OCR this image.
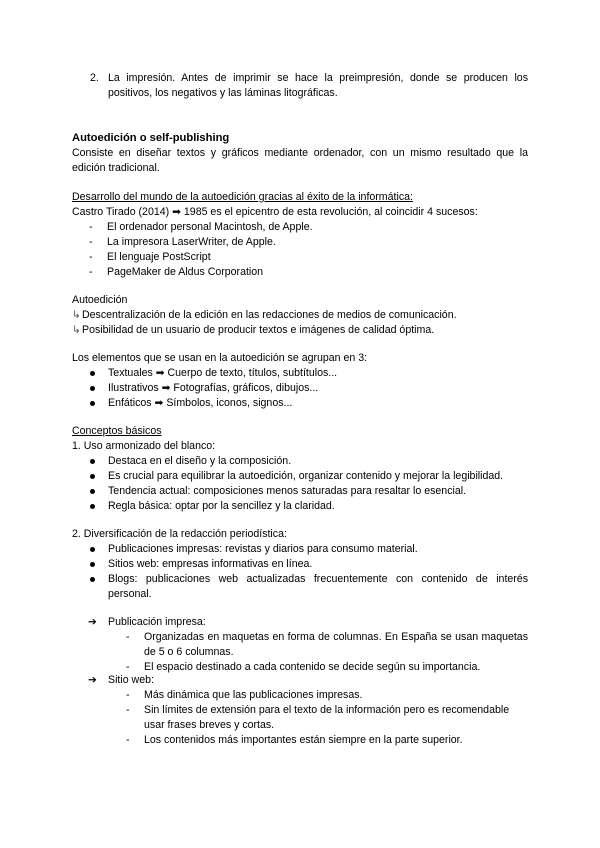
2. La impresión. Antes de imprimir se hace la preimpresión, donde se producen los positivos, los negativos y las láminas litográficas.
Autoedición o self-publishing
Consiste en diseñar textos y gráficos mediante ordenador, con un mismo resultado que la edición tradicional.
Desarrollo del mundo de la autoedición gracias al éxito de la informática:
Castro Tirado (2014) ➡ 1985 es el epicentro de esta revolución, al coincidir 4 sucesos:
- El ordenador personal Macintosh, de Apple.
- La impresora LaserWriter, de Apple.
- El lenguaje PostScript
- PageMaker de Aldus Corporation
Autoedición
↳ Descentralización de la edición en las redacciones de medios de comunicación.
↳ Posibilidad de un usuario de producir textos e imágenes de calidad óptima.
Los elementos que se usan en la autoedición se agrupan en 3:
Textuales ➡ Cuerpo de texto, títulos, subtítulos...
Ilustrativos ➡ Fotografías, gráficos, dibujos...
Enfáticos ➡ Símbolos, iconos, signos...
Conceptos básicos
1. Uso armonizado del blanco:
Destaca en el diseño y la composición.
Es crucial para equilibrar la autoedición, organizar contenido y mejorar la legibilidad.
Tendencia actual: composiciones menos saturadas para resaltar lo esencial.
Regla básica: optar por la sencillez y la claridad.
2. Diversificación de la redacción periodística:
Publicaciones impresas: revistas y diarios para consumo material.
Sitios web: empresas informativas en línea.
Blogs: publicaciones web actualizadas frecuentemente con contenido de interés personal.
➔ Publicación impresa:
- Organizadas en maquetas en forma de columnas. En España se usan maquetas de 5 o 6 columnas.
- El espacio destinado a cada contenido se decide según su importancia.
➔ Sitio web:
- Más dinámica que las publicaciones impresas.
- Sin límites de extensión para el texto de la información pero es recomendable usar frases breves y cortas.
- Los contenidos más importantes están siempre en la parte superior.
